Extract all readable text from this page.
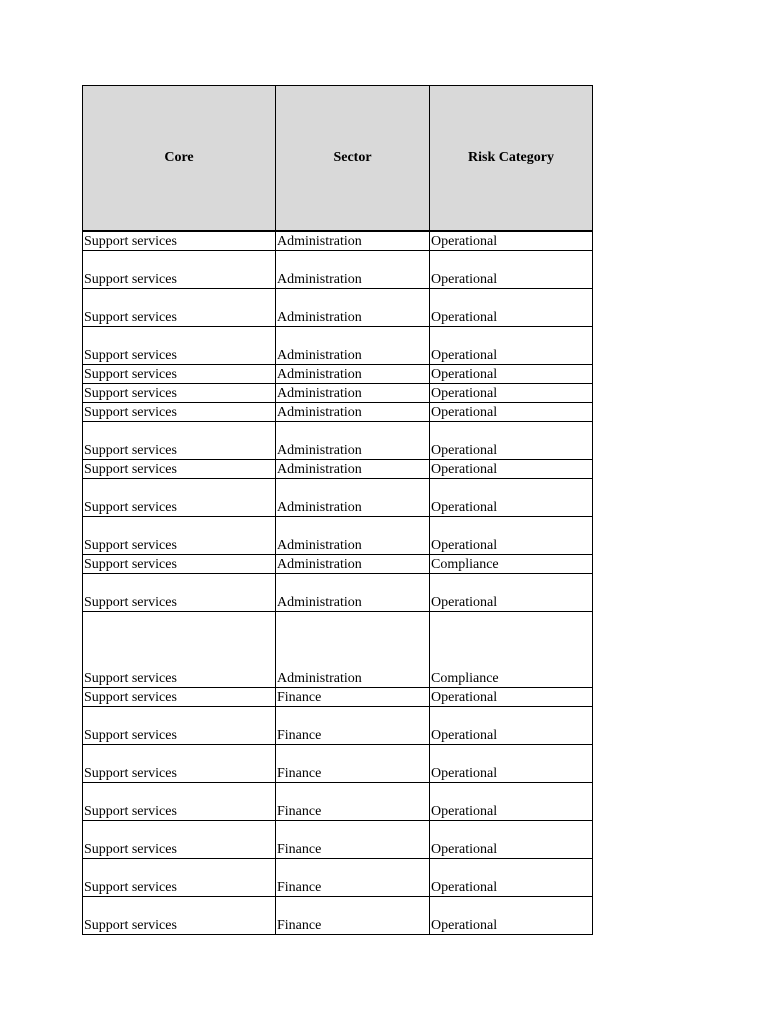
Core	Sector	Risk Category
Support services	Administration	Operational
Support services	Administration	Operational
Support services	Administration	Operational
Support services	Administration	Operational
Support services	Administration	Operational
Support services	Administration	Operational
Support services	Administration	Operational
Support services	Administration	Operational
Support services	Administration	Operational
Support services	Administration	Operational
Support services	Administration	Operational
Support services	Administration	Compliance
Support services	Administration	Operational
Support services	Administration	Compliance
Support services	Finance	Operational
Support services	Finance	Operational
Support services	Finance	Operational
Support services	Finance	Operational
Support services	Finance	Operational
Support services	Finance	Operational
Support services	Finance	Operational
